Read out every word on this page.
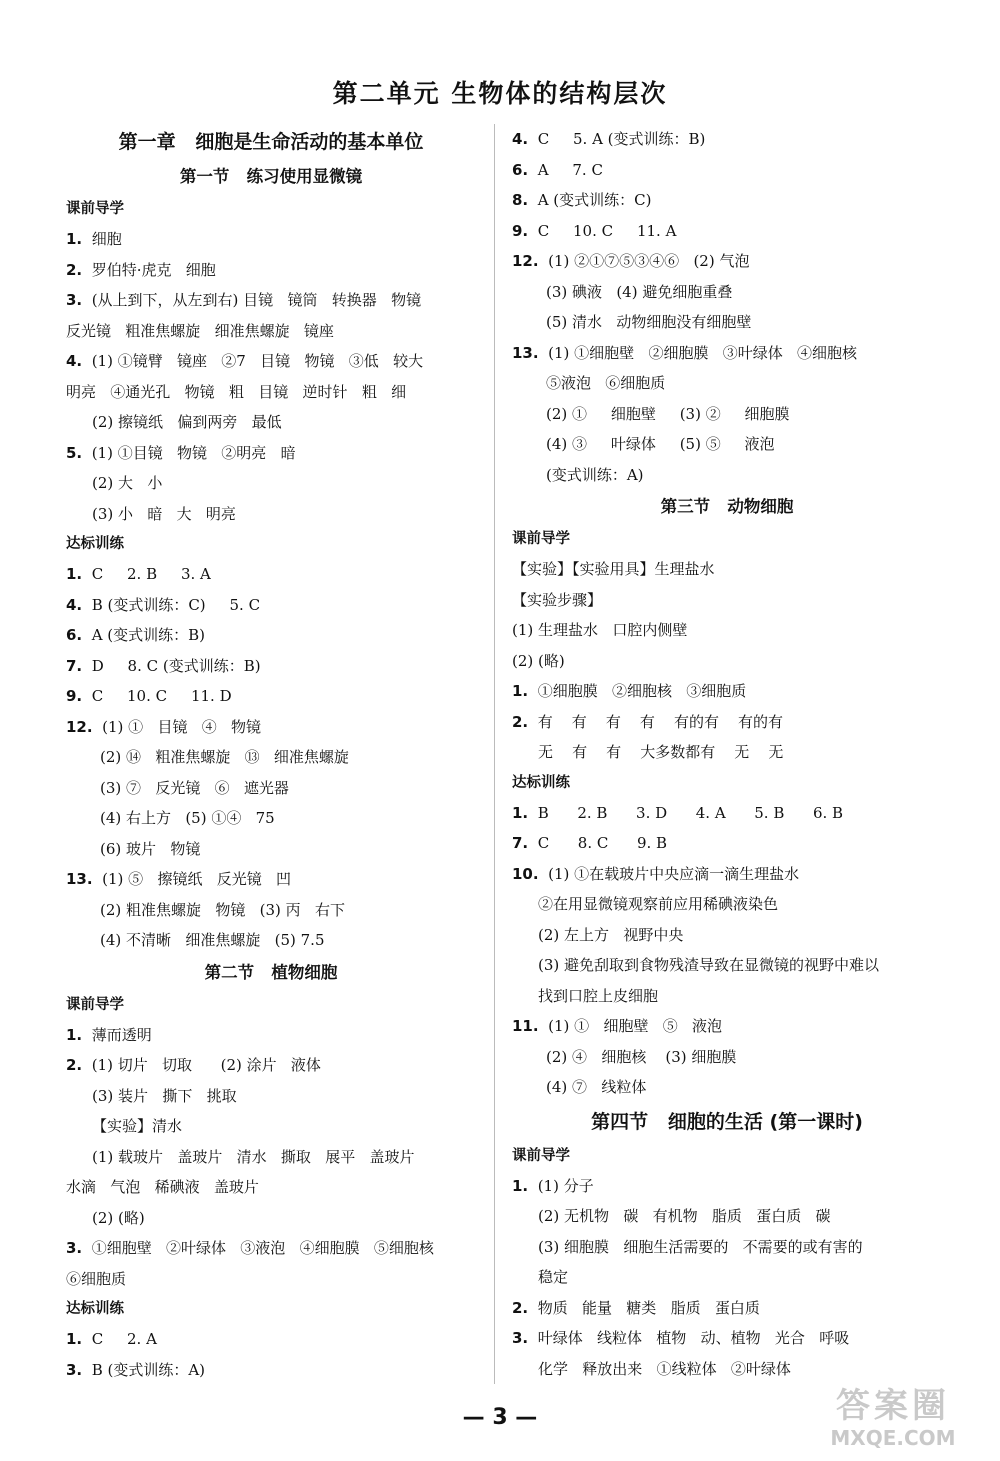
第二单元 生物体的结构层次
第一章   细胞是生命活动的基本单位
第一节   练习使用显微镜
课前导学
1. 细胞
2. 罗伯特·虎克   细胞
3. (从上到下，从左到右) 目镜   镜筒   转换器   物镜
反光镜   粗准焦螺旋   细准焦螺旋   镜座
4. (1) ①镜臂   镜座   ②7   目镜   物镜   ③低   较大
明亮   ④通光孔   物镜   粗   目镜   逆时针   粗   细
(2) 擦镜纸   偏到两旁   最低
5. (1) ①目镜   物镜   ②明亮   暗
(2) 大   小
(3) 小   暗   大   明亮
达标训练
1. C     2. B     3. A
4. B (变式训练：C)     5. C
6. A (变式训练：B)
7. D     8. C (变式训练：B)
9. C     10. C     11. D
12. (1) ①   目镜   ④   物镜
(2) ⑭   粗准焦螺旋   ⑬   细准焦螺旋
(3) ⑦   反光镜   ⑥   遮光器
(4) 右上方   (5) ①④   75
(6) 玻片   物镜
13. (1) ⑤   擦镜纸   反光镜   凹
(2) 粗准焦螺旋   物镜   (3) 丙   右下
(4) 不清晰   细准焦螺旋   (5) 7.5
第二节   植物细胞
课前导学
1. 薄而透明
2. (1) 切片   切取      (2) 涂片   液体
(3) 装片   撕下   挑取
【实验】清水
(1) 载玻片   盖玻片   清水   撕取   展平   盖玻片
水滴   气泡   稀碘液   盖玻片
(2) (略)
3. ①细胞壁   ②叶绿体   ③液泡   ④细胞膜   ⑤细胞核
⑥细胞质
达标训练
1. C     2. A
3. B (变式训练：A)
4. C     5. A (变式训练：B)
6. A     7. C
8. A (变式训练：C)
9. C     10. C     11. A
12. (1) ②①⑦⑤③④⑥   (2) 气泡
(3) 碘液   (4) 避免细胞重叠
(5) 清水   动物细胞没有细胞壁
13. (1) ①细胞壁   ②细胞膜   ③叶绿体   ④细胞核
⑤液泡   ⑥细胞质
(2) ①     细胞壁     (3) ②     细胞膜
(4) ③     叶绿体     (5) ⑤     液泡
(变式训练：A)
第三节   动物细胞
课前导学
【实验】【实验用具】生理盐水
【实验步骤】
(1) 生理盐水   口腔内侧壁
(2) (略)
1. ①细胞膜   ②细胞核   ③细胞质
2. 有    有    有    有    有的有    有的有
无    有    有    大多数都有    无    无
达标训练
1. B      2. B      3. D      4. A      5. B      6. B
7. C      8. C      9. B
10. (1) ①在载玻片中央应滴一滴生理盐水
②在用显微镜观察前应用稀碘液染色
(2) 左上方   视野中央
(3) 避免刮取到食物残渣导致在显微镜的视野中难以
找到口腔上皮细胞
11. (1) ①   细胞壁   ⑤   液泡
(2) ④   细胞核    (3) 细胞膜
(4) ⑦   线粒体
第四节   细胞的生活 (第一课时)
课前导学
1. (1) 分子
(2) 无机物   碳   有机物   脂质   蛋白质   碳
(3) 细胞膜   细胞生活需要的   不需要的或有害的
稳定
2. 物质   能量   糖类   脂质   蛋白质
3. 叶绿体   线粒体   植物   动、植物   光合   呼吸
化学   释放出来   ①线粒体   ②叶绿体
— 3 —	答案圈
MXQE.COM
